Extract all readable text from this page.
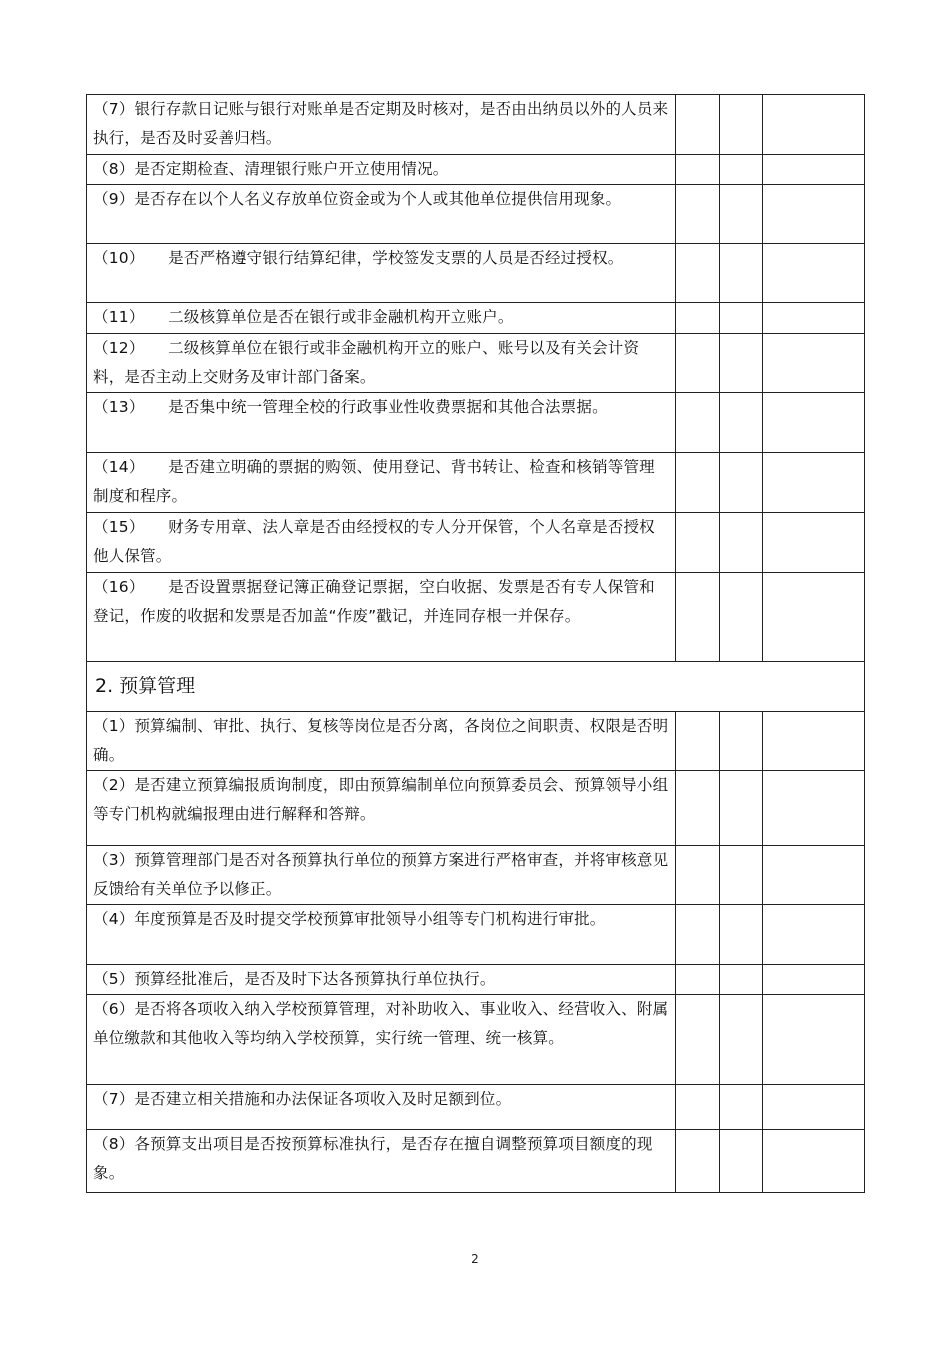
（7）银行存款日记账与银行对账单是否定期及时核对，是否由出纳员以外的人员来执行，是否及时妥善归档。			
（8）是否定期检查、清理银行账户开立使用情况。			
（9）是否存在以个人名义存放单位资金或为个人或其他单位提供信用现象。			
（10）　　是否严格遵守银行结算纪律，学校签发支票的人员是否经过授权。			
（11）　　二级核算单位是否在银行或非金融机构开立账户。			
（12）　　二级核算单位在银行或非金融机构开立的账户、账号以及有关会计资料，是否主动上交财务及审计部门备案。			
（13）　　是否集中统一管理全校的行政事业性收费票据和其他合法票据。			
（14）　　是否建立明确的票据的购领、使用登记、背书转让、检查和核销等管理制度和程序。			
（15）　　财务专用章、法人章是否由经授权的专人分开保管，个人名章是否授权他人保管。			
（16）　　是否设置票据登记簿正确登记票据，空白收据、发票是否有专人保管和登记，作废的收据和发票是否加盖“作废”戳记，并连同存根一并保存。			
2. 预算管理			
（1）预算编制、审批、执行、复核等岗位是否分离，各岗位之间职责、权限是否明确。			
（2）是否建立预算编报质询制度，即由预算编制单位向预算委员会、预算领导小组等专门机构就编报理由进行解释和答辩。			
（3）预算管理部门是否对各预算执行单位的预算方案进行严格审查，并将审核意见反馈给有关单位予以修正。			
（4）年度预算是否及时提交学校预算审批领导小组等专门机构进行审批。			
（5）预算经批准后，是否及时下达各预算执行单位执行。			
（6）是否将各项收入纳入学校预算管理，对补助收入、事业收入、经营收入、附属单位缴款和其他收入等均纳入学校预算，实行统一管理、统一核算。			
（7）是否建立相关措施和办法保证各项收入及时足额到位。			
（8）各预算支出项目是否按预算标准执行，是否存在擅自调整预算项目额度的现象。			
2
